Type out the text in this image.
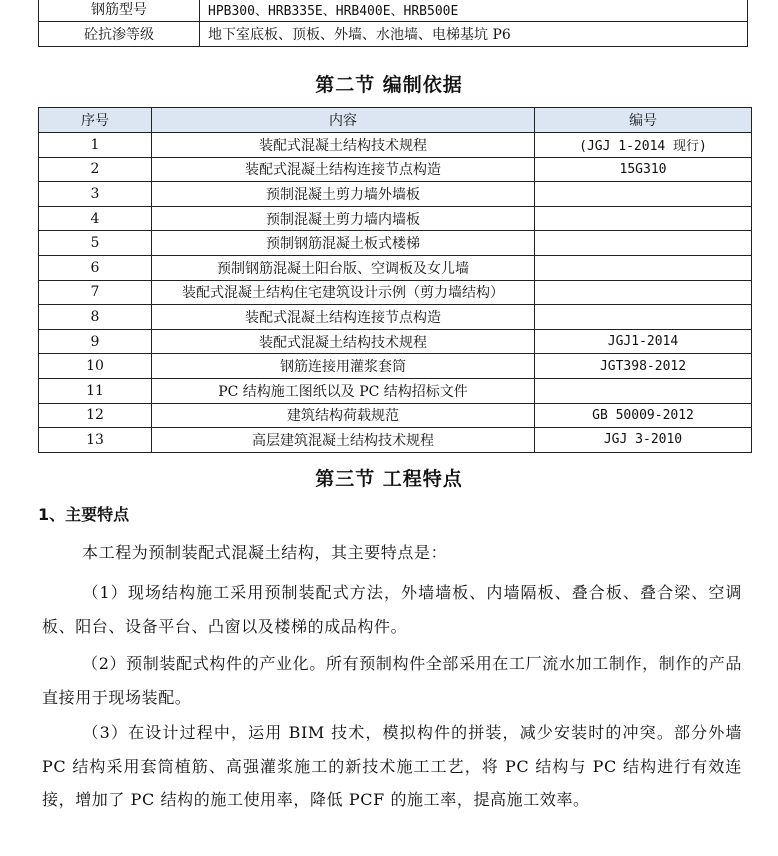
钢筋型号	HPB300、HRB335E、HRB400E、HRB500E
砼抗渗等级	地下室底板、顶板、外墙、水池墙、电梯基坑 P6
第二节 编制依据
序号	内容	编号
1	装配式混凝土结构技术规程	(JGJ 1-2014 现行)
2	装配式混凝土结构连接节点构造	15G310
3	预制混凝土剪力墙外墙板	
4	预制混凝土剪力墙内墙板	
5	预制钢筋混凝土板式楼梯	
6	预制钢筋混凝土阳台版、空调板及女儿墙	
7	装配式混凝土结构住宅建筑设计示例（剪力墙结构）	
8	装配式混凝土结构连接节点构造	
9	装配式混凝土结构技术规程	JGJ1-2014
10	钢筋连接用灌浆套筒	JGT398-2012
11	PC 结构施工图纸以及 PC 结构招标文件	
12	建筑结构荷载规范	GB 50009-2012
13	高层建筑混凝土结构技术规程	JGJ 3-2010
第三节 工程特点
1、主要特点

本工程为预制装配式混凝土结构，其主要特点是：

（1）现场结构施工采用预制装配式方法，外墙墙板、内墙隔板、叠合板、叠合梁、空调板、阳台、设备平台、凸窗以及楼梯的成品构件。

（2）预制装配式构件的产业化。所有预制构件全部采用在工厂流水加工制作，制作的产品直接用于现场装配。

（3）在设计过程中，运用 BIM 技术，模拟构件的拼装，减少安装时的冲突。部分外墙 PC 结构采用套筒植筋、高强灌浆施工的新技术施工工艺，将 PC 结构与 PC 结构进行有效连接，增加了 PC 结构的施工使用率，降低 PCF 的施工率，提高施工效率。
